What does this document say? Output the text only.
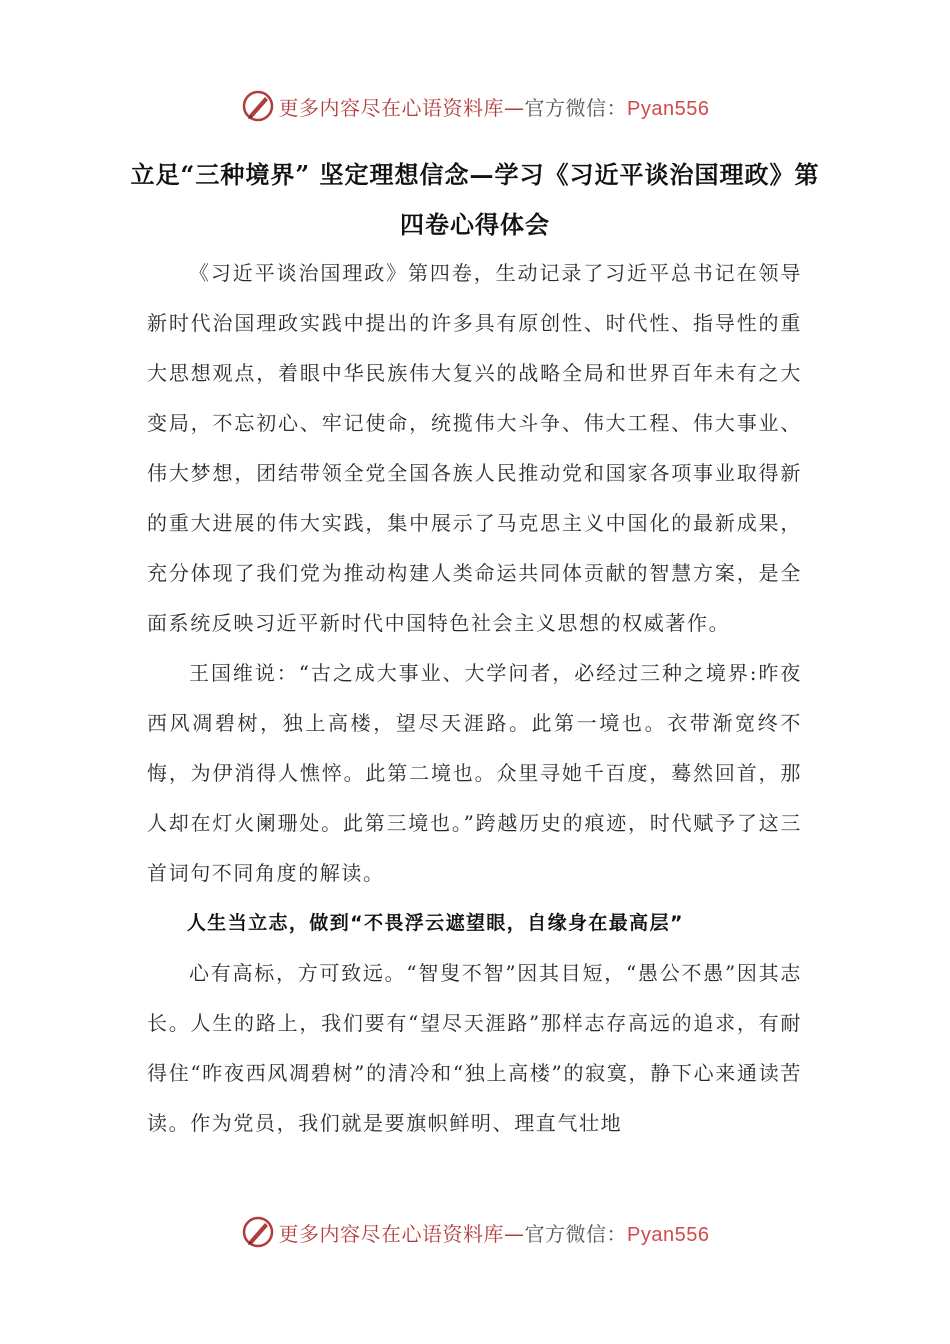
更多内容尽在心语资料库—官方微信：Pyan556
立足“三种境界” 坚定理想信念—学习《习近平谈治国理政》第四卷心得体会

《习近平谈治国理政》第四卷，生动记录了习近平总书记在领导新时代治国理政实践中提出的许多具有原创性、时代性、指导性的重大思想观点，着眼中华民族伟大复兴的战略全局和世界百年未有之大变局，不忘初心、牢记使命，统揽伟大斗争、伟大工程、伟大事业、伟大梦想，团结带领全党全国各族人民推动党和国家各项事业取得新的重大进展的伟大实践，集中展示了马克思主义中国化的最新成果，充分体现了我们党为推动构建人类命运共同体贡献的智慧方案，是全面系统反映习近平新时代中国特色社会主义思想的权威著作。

王国维说：“古之成大事业、大学问者，必经过三种之境界:昨夜西风凋碧树，独上高楼，望尽天涯路。此第一境也。衣带渐宽终不悔，为伊消得人憔悴。此第二境也。众里寻她千百度，蓦然回首，那人却在灯火阑珊处。此第三境也。”跨越历史的痕迹，时代赋予了这三首词句不同角度的解读。

人生当立志，做到“不畏浮云遮望眼，自缘身在最高层”

心有高标，方可致远。“智叟不智”因其目短，“愚公不愚”因其志长。人生的路上，我们要有“望尽天涯路”那样志存高远的追求，有耐得住“昨夜西风凋碧树”的清冷和“独上高楼”的寂寞，静下心来通读苦读。作为党员，我们就是要旗帜鲜明、理直气壮地

更多内容尽在心语资料库—官方微信：Pyan556
